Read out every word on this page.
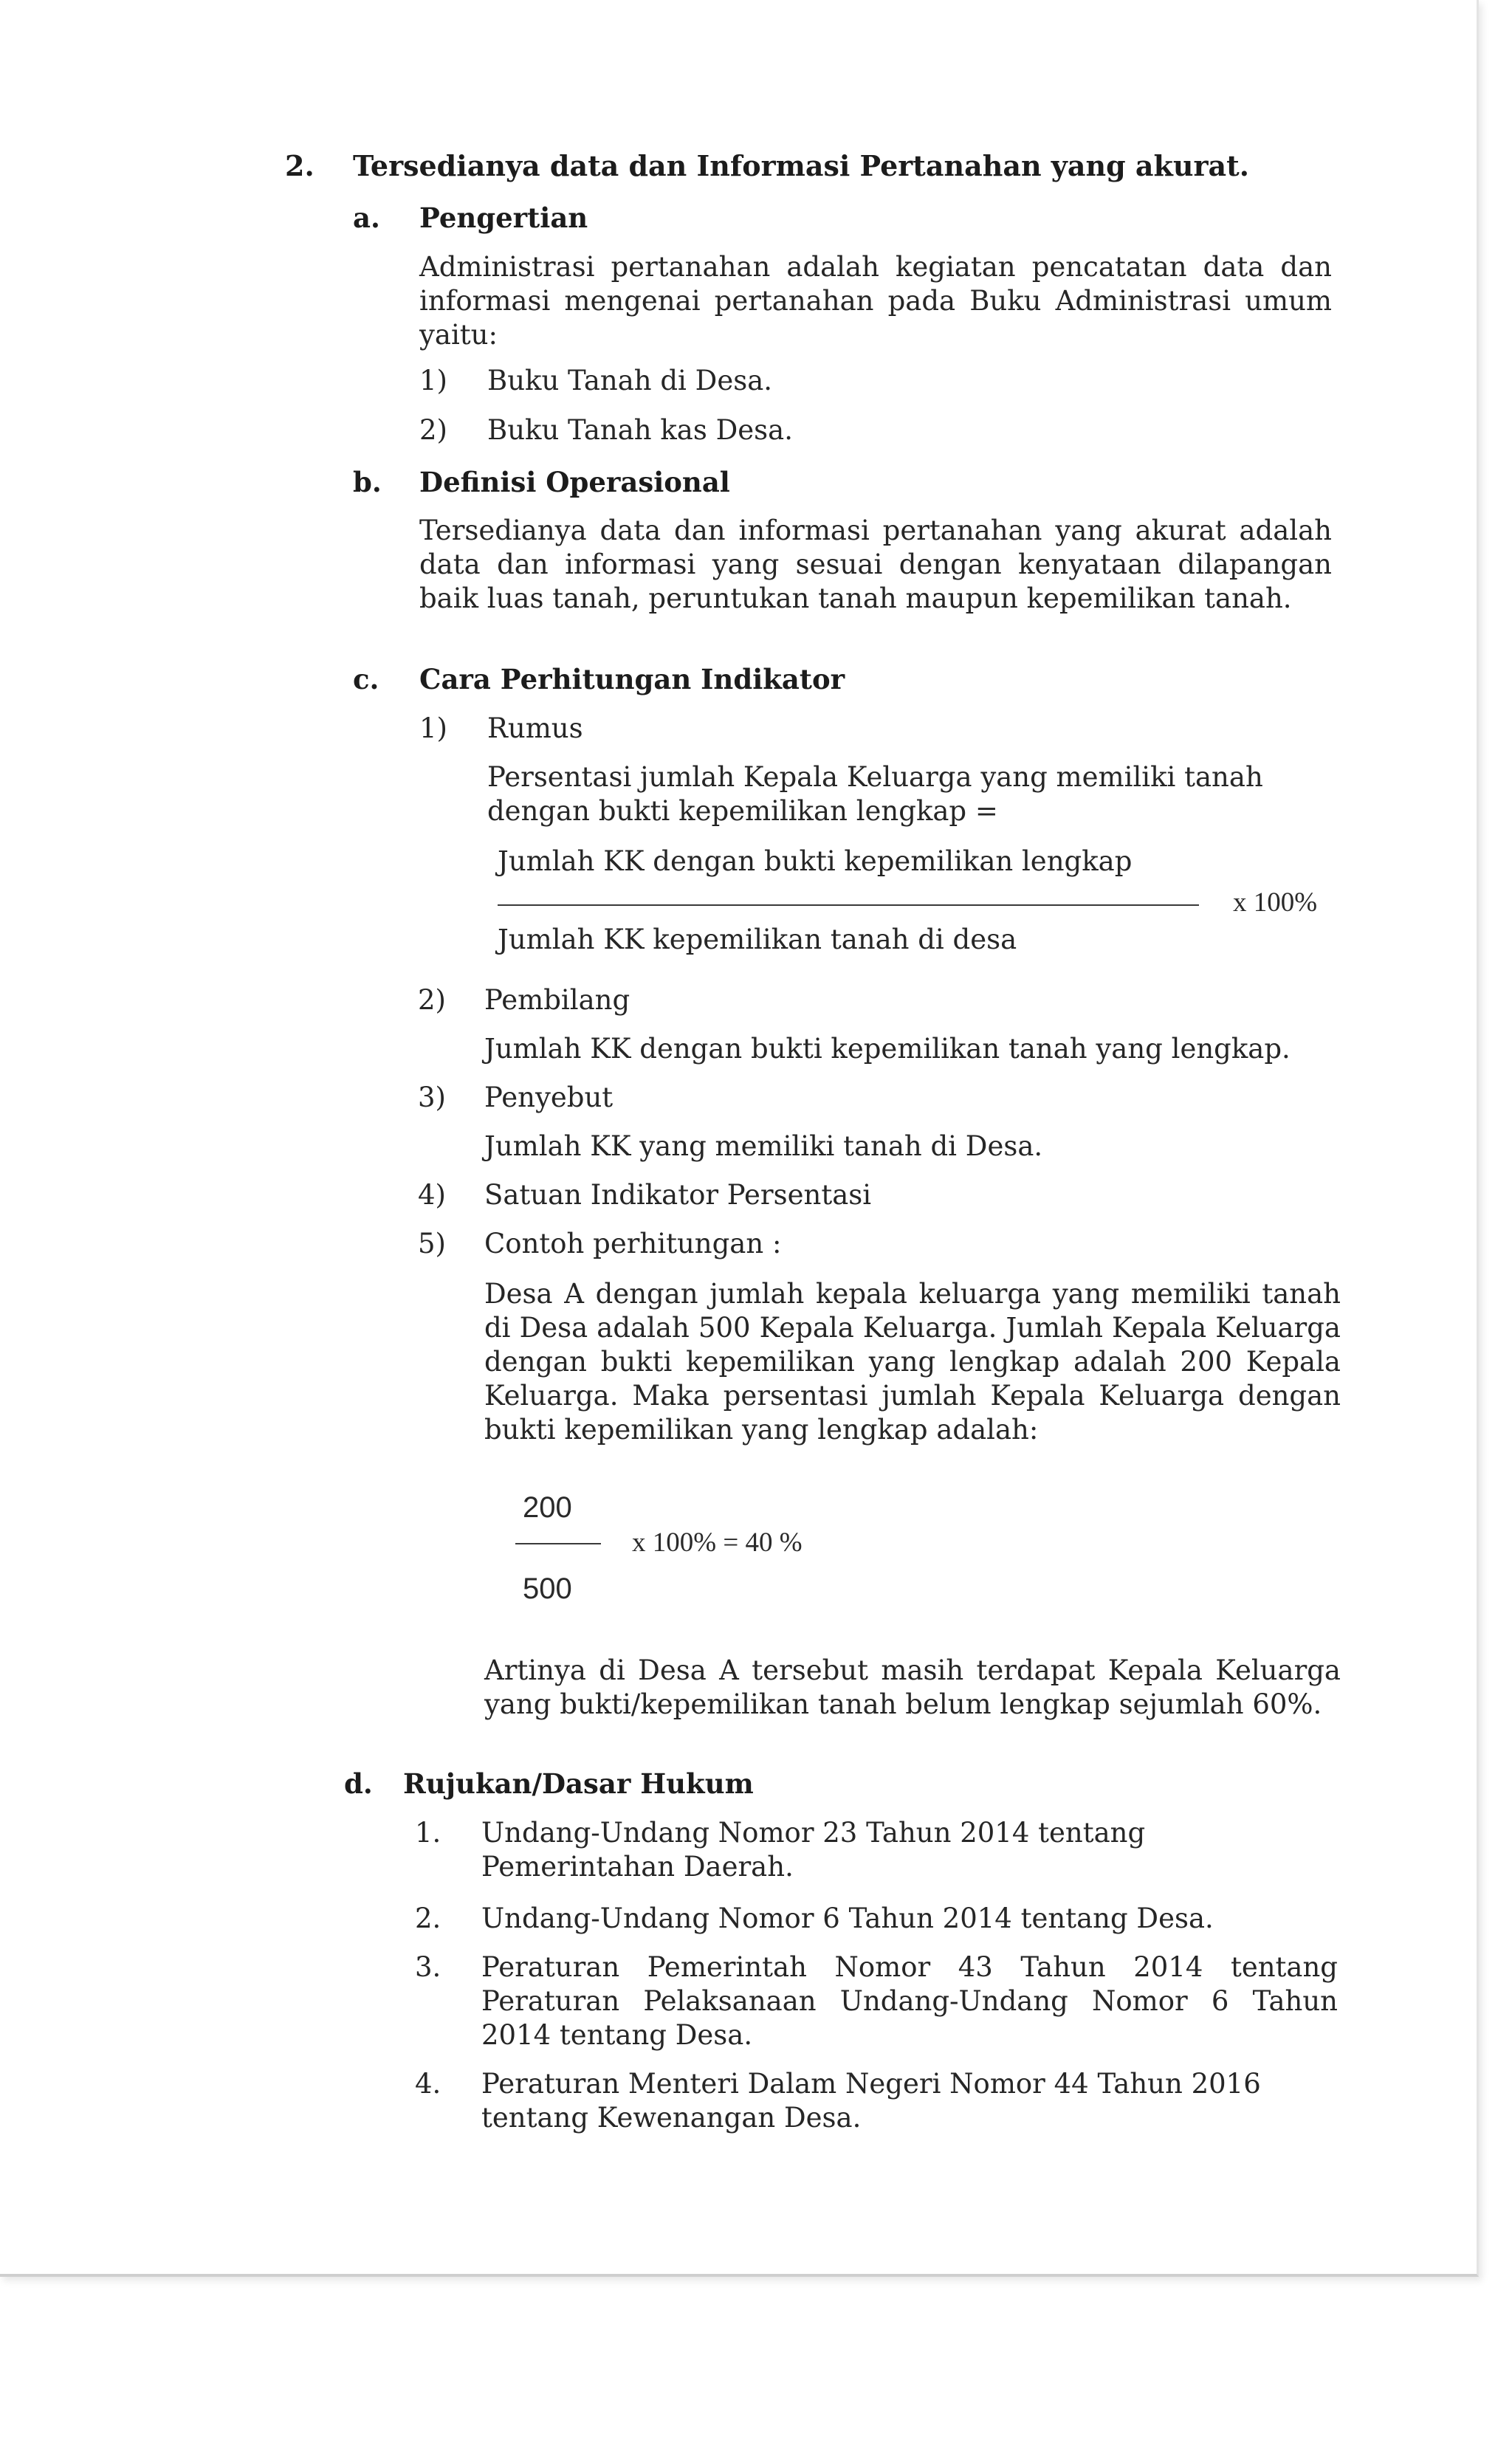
2. Tersedianya data dan Informasi Pertanahan yang akurat.
a. Pengertian
Administrasi pertanahan adalah kegiatan pencatatan data dan informasi mengenai pertanahan pada Buku Administrasi umum yaitu:
1) Buku Tanah di Desa.
2) Buku Tanah kas Desa.
b. Definisi Operasional
Tersedianya data dan informasi pertanahan yang akurat adalah data dan informasi yang sesuai dengan kenyataan dilapangan baik luas tanah, peruntukan tanah maupun kepemilikan tanah.
c. Cara Perhitungan Indikator
1) Rumus
Persentasi jumlah Kepala Keluarga yang memiliki tanah dengan bukti kepemilikan lengkap =
Jumlah KK dengan bukti kepemilikan lengkap
x 100%
Jumlah KK kepemilikan tanah di desa
2) Pembilang
Jumlah KK dengan bukti kepemilikan tanah yang lengkap.
3) Penyebut
Jumlah KK yang memiliki tanah di Desa.
4) Satuan Indikator Persentasi
5) Contoh perhitungan :
Desa A dengan jumlah kepala keluarga yang memiliki tanah di Desa adalah 500 Kepala Keluarga. Jumlah Kepala Keluarga dengan bukti kepemilikan yang lengkap adalah 200 Kepala Keluarga. Maka persentasi jumlah Kepala Keluarga dengan bukti kepemilikan yang lengkap adalah:
200
x 100% = 40 %
500
Artinya di Desa A tersebut masih terdapat Kepala Keluarga yang bukti/kepemilikan tanah belum lengkap sejumlah 60%.
d. Rujukan/Dasar Hukum
1. Undang-Undang Nomor 23 Tahun 2014 tentang Pemerintahan Daerah.
2. Undang-Undang Nomor 6 Tahun 2014 tentang Desa.
3. Peraturan Pemerintah Nomor 43 Tahun 2014 tentang Peraturan Pelaksanaan Undang-Undang Nomor 6 Tahun 2014 tentang Desa.
4. Peraturan Menteri Dalam Negeri Nomor 44 Tahun 2016 tentang Kewenangan Desa.
